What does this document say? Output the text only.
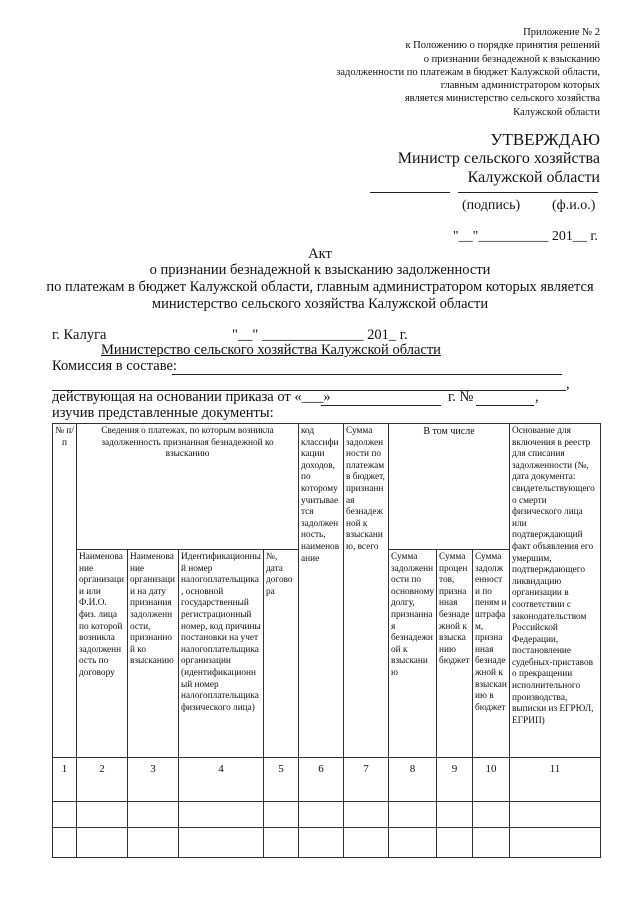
Приложение № 2
к Положению о порядке принятия решений
о признании безнадежной к взысканию
задолженности по платежам в бюджет Калужской области,
главным администратором которых
является министерство сельского хозяйства
Калужской области
УТВЕРЖДАЮ
Министр сельского хозяйства
Калужской области
(подпись) (ф.и.о.)
"__"__________ 201__ г.
Акт
о признании безнадежной к взысканию задолженности
по платежам в бюджет Калужской области, главным администратором которых является
министерство сельского хозяйства Калужской области
г. Калуга	"__" ______________ 201_ г.
Министерство сельского хозяйства Калужской области
Комиссия в составе:
,
действующая на основании приказа от «___»	г. №	,
изучив представленные документы:
№ п/п	Сведения о платежах, по которым возникла задолженность признанная безнадежной ко взысканию				код классификации доходов, по которому учитывается задолженность, наименование	Сумма задолженности по платежам в бюджет, признанная безнадежной к взысканию, всего	В том числе			Основание для включения в реестр для списания задолженности (№, дата документа: свидетельствующего о смерти физического лица или подтверждающий факт объявления его умершим, подтверждающего ликвидацию организации в соответствии с законодательством Российской Федерации, постановление судебных-приставов о прекращении исполнительного производства, выписки из ЕГРЮЛ, ЕГРИП)
	Наименование организации или Ф.И.О. физ. лица по которой возникла задолженность по договору	Наименование организации на дату признания задолженности, признанной ко взысканию	Идентификационный номер налогоплательщика, основной государственный регистрационный номер, код причины постановки на учет налогоплательщика организации (идентификационный номер налогоплательщика физического лица)	№, дата договора			Сумма задолженности по основному долгу, признанная безнадежной к взысканию	Сумма процентов, признанная безнадежной к взысканию бюджет	Сумма задолженности по пеням и штрафам, признанная безнадежной к взысканию в бюджет	
1	2	3	4	5	6	7	8	9	10	11
